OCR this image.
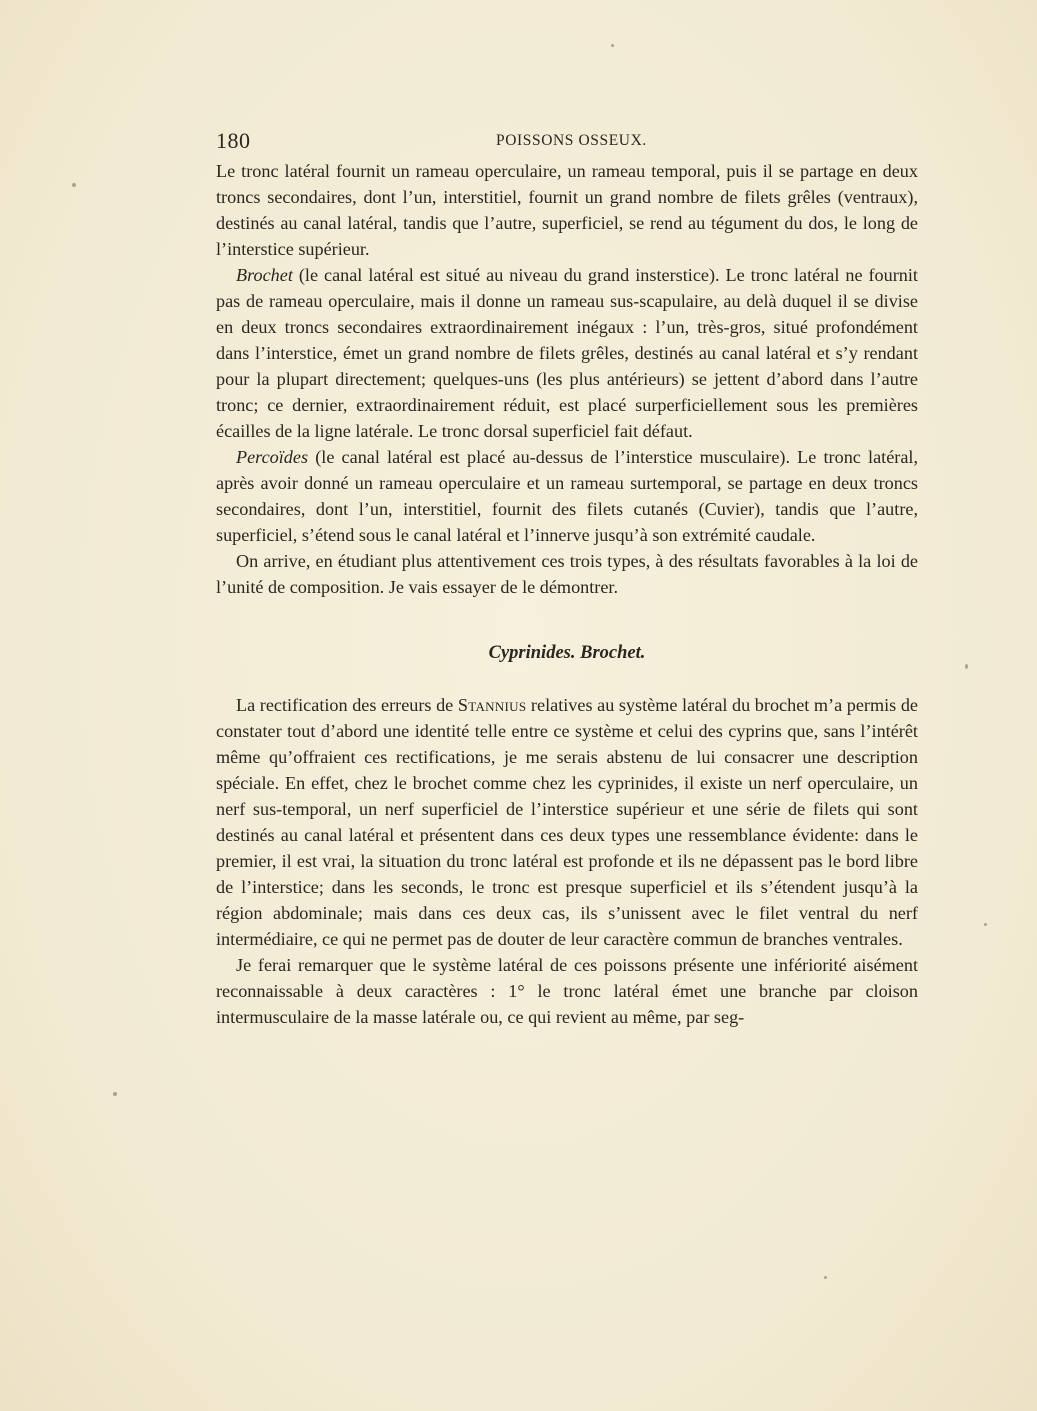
180	POISSONS OSSEUX.

Le tronc latéral fournit un rameau operculaire, un rameau temporal, puis il se partage en deux troncs secondaires, dont l’un, interstitiel, fournit un grand nombre de filets grêles (ventraux), destinés au canal latéral, tandis que l’autre, superficiel, se rend au tégument du dos, le long de l’interstice supérieur.

Brochet (le canal latéral est situé au niveau du grand insterstice). Le tronc latéral ne fournit pas de rameau operculaire, mais il donne un rameau sus-scapulaire, au delà duquel il se divise en deux troncs secondaires extraordinairement inégaux : l’un, très-gros, situé profondément dans l’interstice, émet un grand nombre de filets grêles, destinés au canal latéral et s’y rendant pour la plupart directement; quelques-uns (les plus antérieurs) se jettent d’abord dans l’autre tronc; ce dernier, extraordinairement réduit, est placé surperficiellement sous les premières écailles de la ligne latérale. Le tronc dorsal superficiel fait défaut.

Percoïdes (le canal latéral est placé au-dessus de l’interstice musculaire). Le tronc latéral, après avoir donné un rameau operculaire et un rameau surtemporal, se partage en deux troncs secondaires, dont l’un, interstitiel, fournit des filets cutanés (Cuvier), tandis que l’autre, superficiel, s’étend sous le canal latéral et l’innerve jusqu’à son extrémité caudale.

On arrive, en étudiant plus attentivement ces trois types, à des résultats favorables à la loi de l’unité de composition. Je vais essayer de le démontrer.

Cyprinides. Brochet.

La rectification des erreurs de Stannius relatives au système latéral du brochet m’a permis de constater tout d’abord une identité telle entre ce système et celui des cyprins que, sans l’intérêt même qu’offraient ces rectifications, je me serais abstenu de lui consacrer une description spéciale. En effet, chez le brochet comme chez les cyprinides, il existe un nerf operculaire, un nerf sus-temporal, un nerf superficiel de l’interstice supérieur et une série de filets qui sont destinés au canal latéral et présentent dans ces deux types une ressemblance évidente: dans le premier, il est vrai, la situation du tronc latéral est profonde et ils ne dépassent pas le bord libre de l’interstice; dans les seconds, le tronc est presque superficiel et ils s’étendent jusqu’à la région abdominale; mais dans ces deux cas, ils s’unissent avec le filet ventral du nerf intermédiaire, ce qui ne permet pas de douter de leur caractère commun de branches ventrales.

Je ferai remarquer que le système latéral de ces poissons présente une infériorité aisément reconnaissable à deux caractères : 1° le tronc latéral émet une branche par cloison intermusculaire de la masse latérale ou, ce qui revient au même, par seg-
